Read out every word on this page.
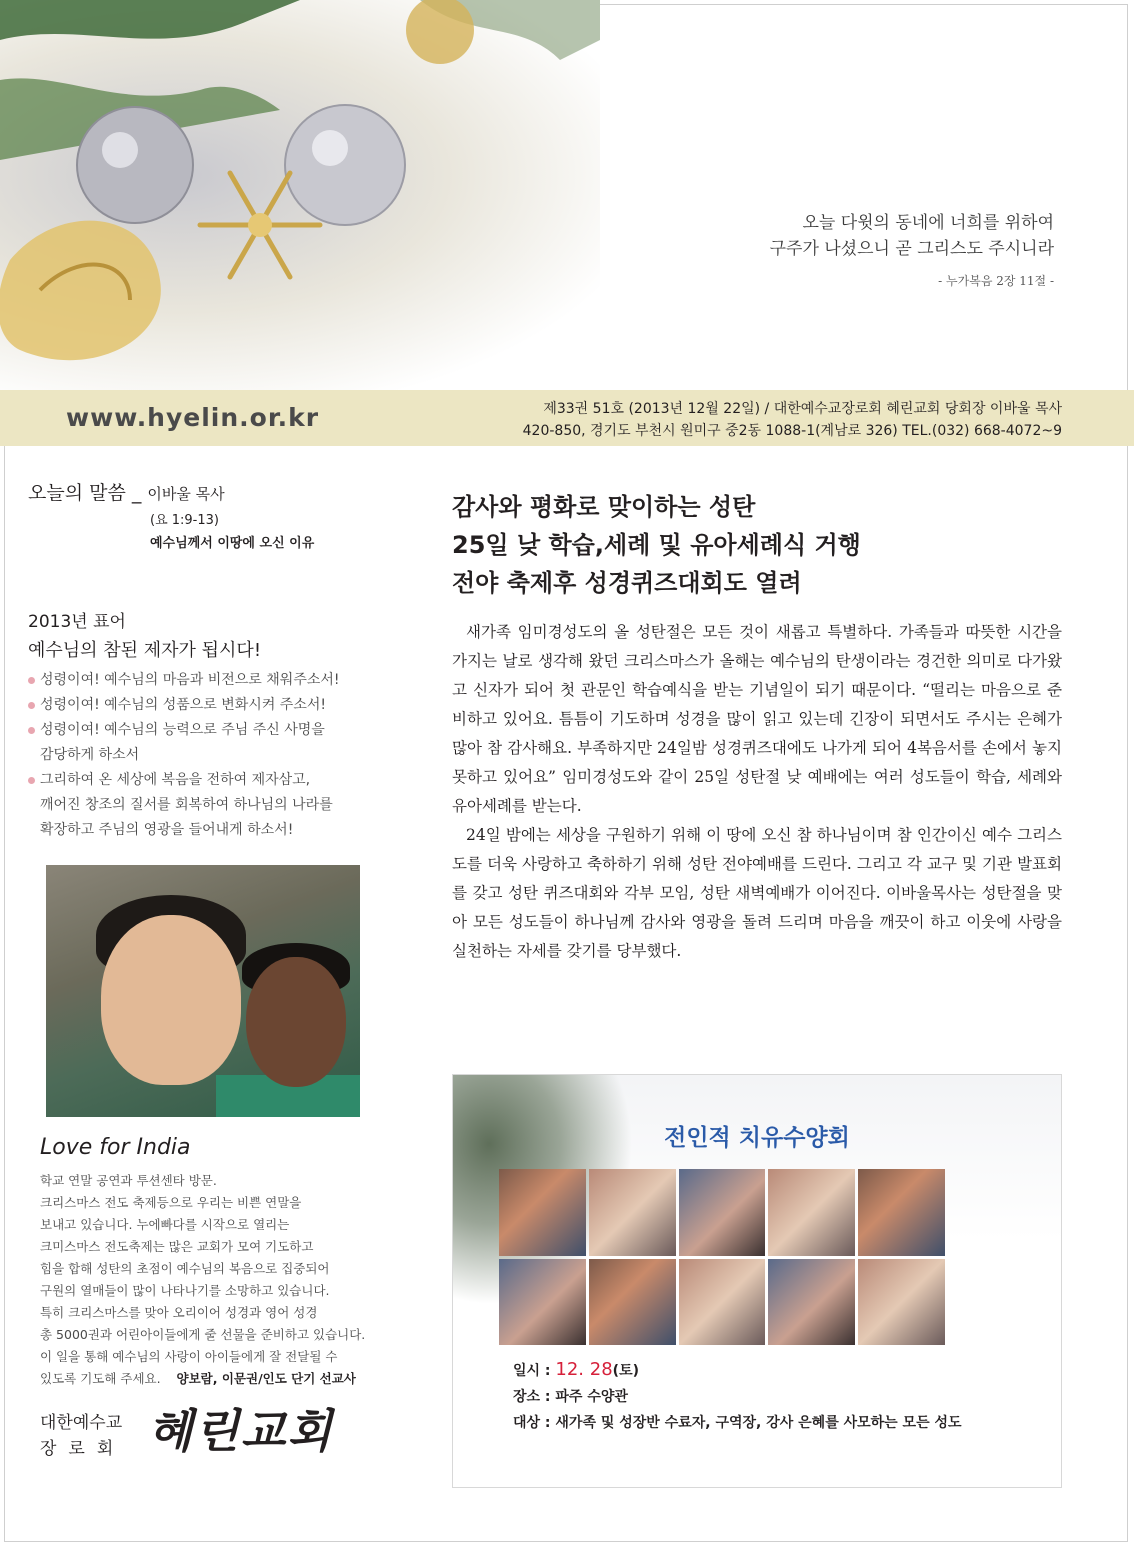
오늘 다윗의 동네에 너희를 위하여
구주가 나셨으니 곧 그리스도 주시니라
- 누가복음 2장 11절 -
www.hyelin.or.kr	제33권 51호 (2013년 12월 22일) / 대한예수교장로회 혜린교회 당회장 이바울 목사
420-850, 경기도 부천시 원미구 중2동 1088-1(계남로 326) TEL.(032) 668-4072~9
오늘의 말씀 _ 이바울 목사
(요 1:9-13)
예수님께서 이땅에 오신 이유
2013년 표어
예수님의 참된 제자가 됩시다!
성령이여! 예수님의 마음과 비전으로 채워주소서!
성령이여! 예수님의 성품으로 변화시켜 주소서!
성령이여! 예수님의 능력으로 주님 주신 사명을
감당하게 하소서
그리하여 온 세상에 복음을 전하여 제자삼고,
깨어진 창조의 질서를 회복하여 하나님의 나라를
확장하고 주님의 영광을 들어내게 하소서!
Love for India
학교 연말 공연과 투션센타 방문.
크리스마스 전도 축제등으로 우리는 비쁜 연말을
보내고 있습니다. 누에빠다를 시작으로 열리는
크미스마스 전도축제는 많은 교회가 모여 기도하고
힘을 합해 성탄의 초점이 예수님의 복음으로 집중되어
구원의 열매들이 많이 나타나기를 소망하고 있습니다.
특히 크리스마스를 맞아 오리이어 성경과 영어 성경
총 5000권과 어린아이들에게 줄 선물을 준비하고 있습니다.
이 일을 통해 예수님의 사랑이 아이들에게 잘 전달될 수
있도록 기도해 주세요. 양보람, 이문권/인도 단기 선교사
대한예수교
장로회 혜린교회
감사와 평화로 맞이하는 성탄
25일 낮 학습,세례 및 유아세례식 거행
전야 축제후 성경퀴즈대회도 열려

새가족 임미경성도의 올 성탄절은 모든 것이 새롭고 특별하다. 가족들과 따뜻한 시간을 가지는 날로 생각해 왔던 크리스마스가 올해는 예수님의 탄생이라는 경건한 의미로 다가왔고 신자가 되어 첫 관문인 학습예식을 받는 기념일이 되기 때문이다. “떨리는 마음으로 준비하고 있어요. 틈틈이 기도하며 성경을 많이 읽고 있는데 긴장이 되면서도 주시는 은혜가 많아 참 감사해요. 부족하지만 24일밤 성경퀴즈대에도 나가게 되어 4복음서를 손에서 놓지 못하고 있어요” 임미경성도와 같이 25일 성탄절 낮 예배에는 여러 성도들이 학습, 세례와 유아세례를 받는다.

24일 밤에는 세상을 구원하기 위해 이 땅에 오신 참 하나님이며 참 인간이신 예수 그리스도를 더욱 사랑하고 축하하기 위해 성탄 전야예배를 드린다. 그리고 각 교구 및 기관 발표회를 갖고 성탄 퀴즈대회와 각부 모임, 성탄 새벽예배가 이어진다. 이바울목사는 성탄절을 맞아 모든 성도들이 하나님께 감사와 영광을 돌려 드리며 마음을 깨끗이 하고 이웃에 사랑을 실천하는 자세를 갖기를 당부했다.

전인적 치유수양회
일시 : 12. 28(토)
장소 : 파주 수양관
대상 : 새가족 및 성장반 수료자, 구역장, 강사 은혜를 사모하는 모든 성도
